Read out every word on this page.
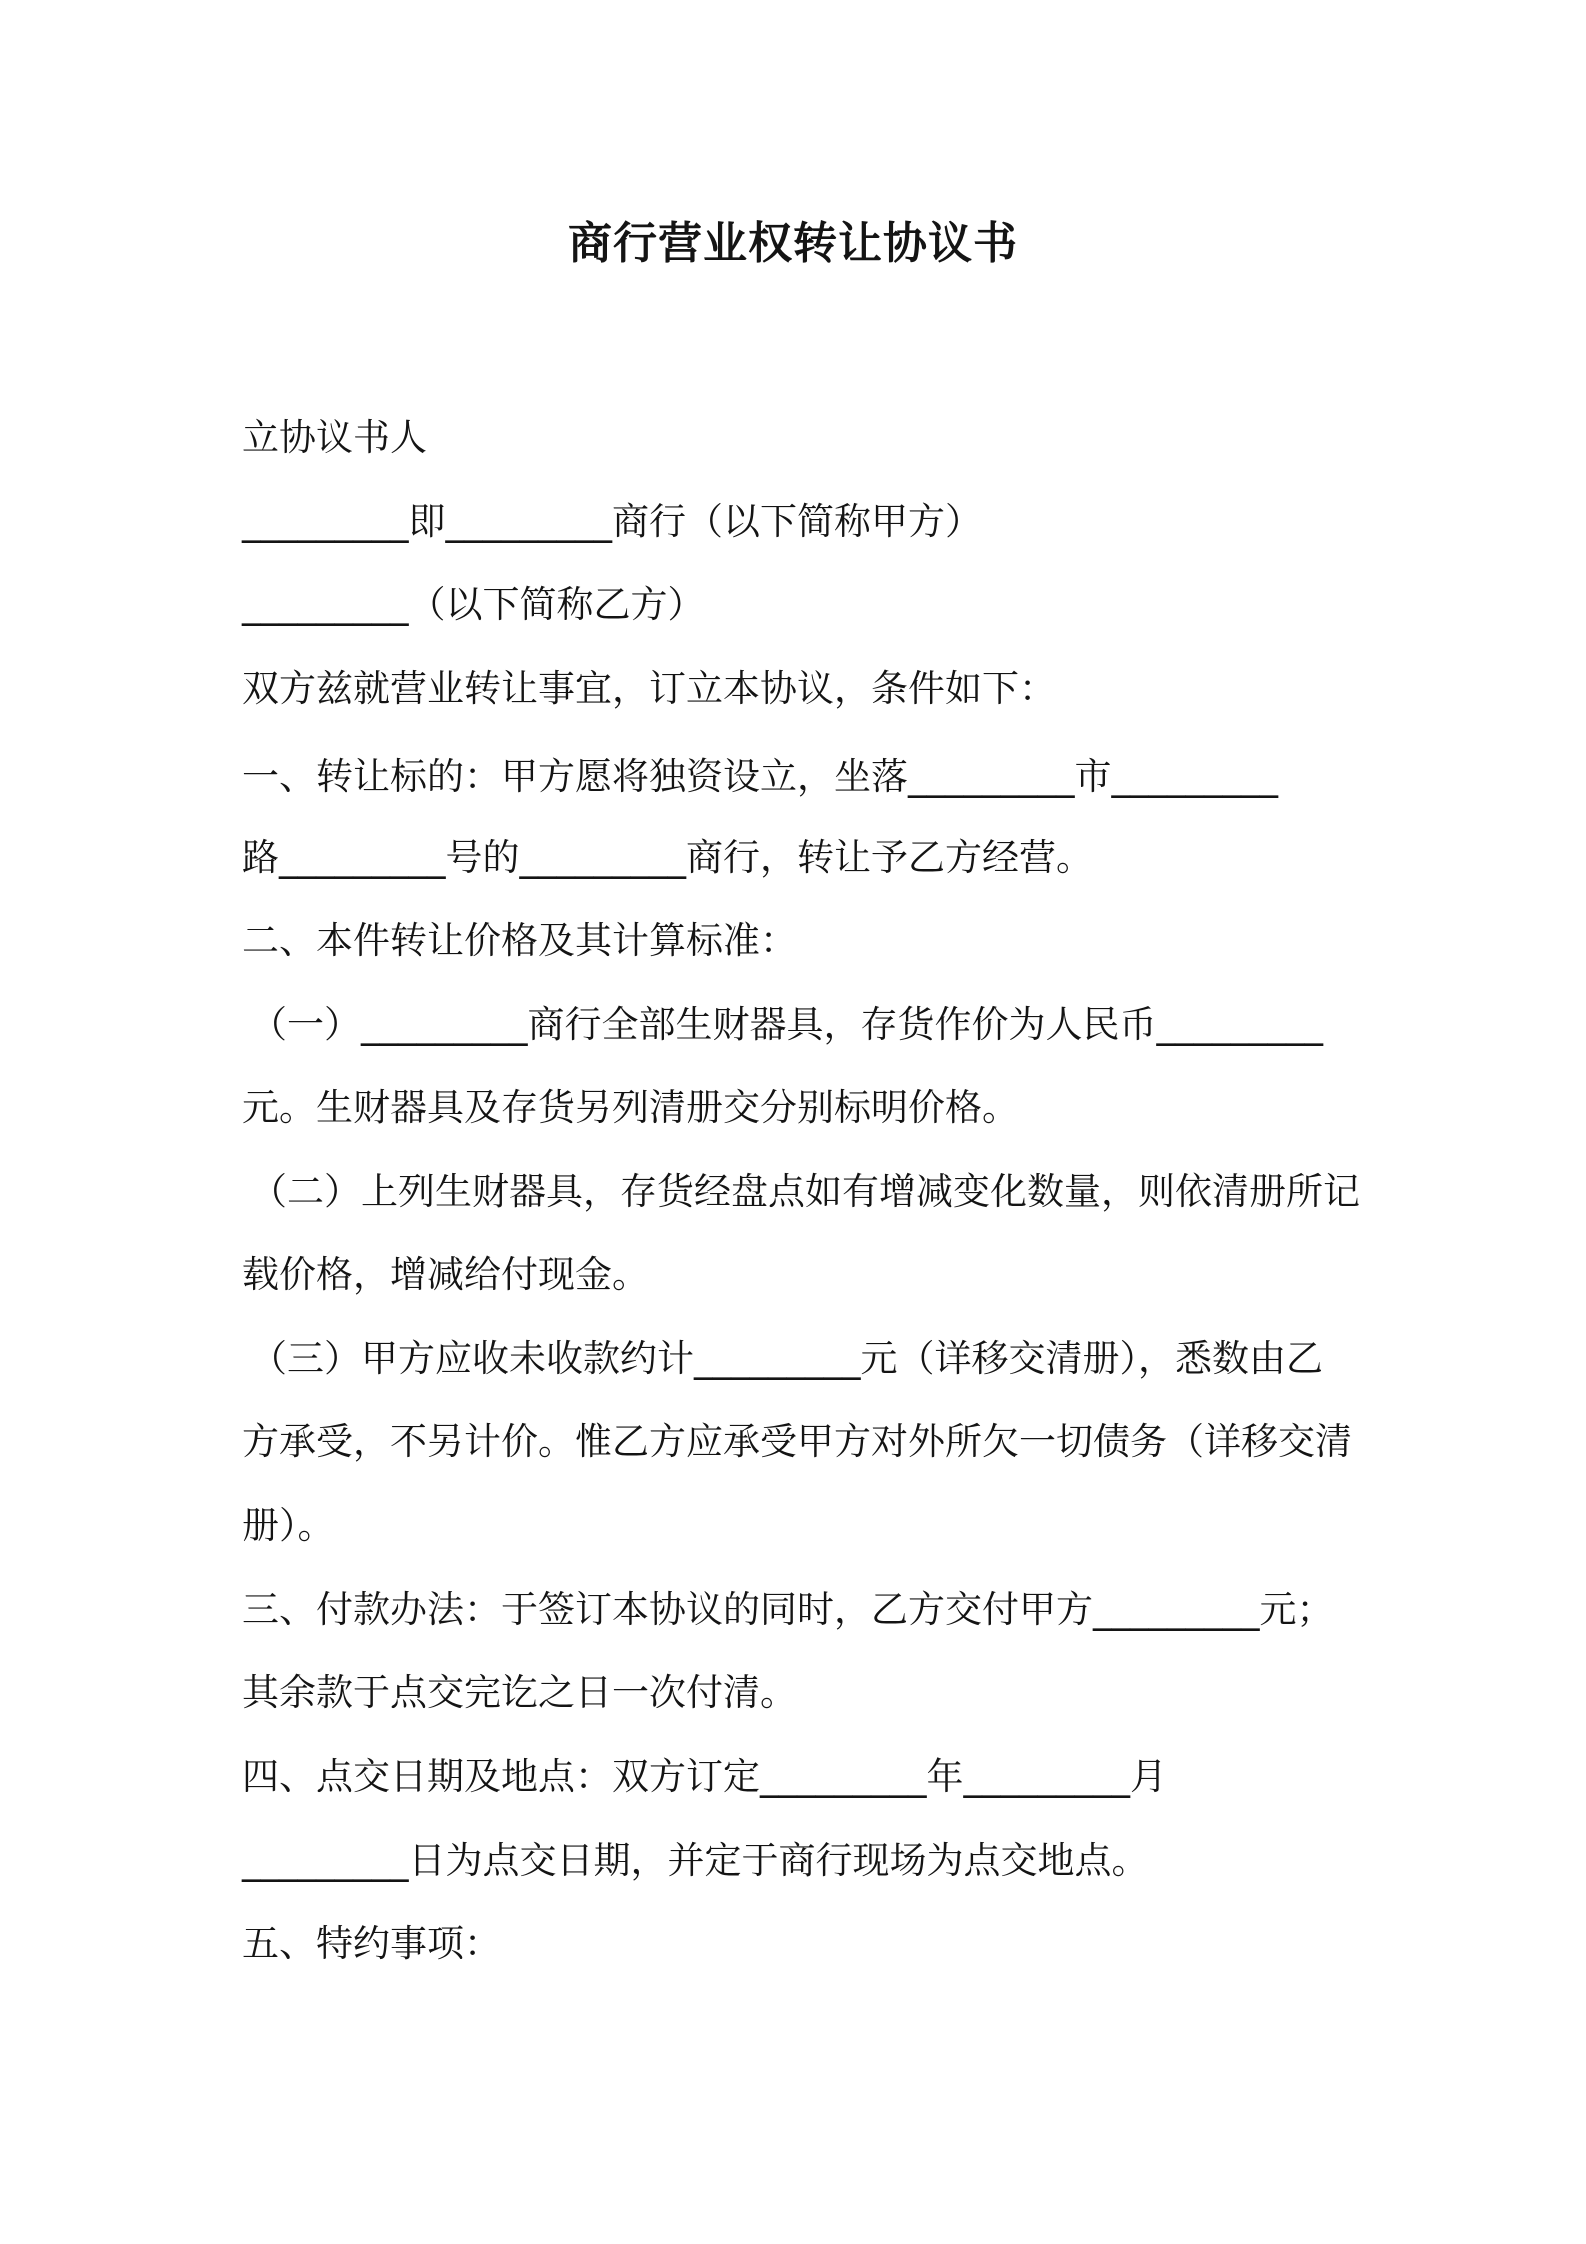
商行营业权转让协议书
立协议书人
_________即_________商行（以下简称甲方）
_________（以下简称乙方）
双方兹就营业转让事宜，订立本协议，条件如下：
一、转让标的：甲方愿将独资设立，坐落_________市_________
路_________号的_________商行，转让予乙方经营。
二、本件转让价格及其计算标准：
（一）_________商行全部生财器具，存货作价为人民币_________
元。生财器具及存货另列清册交分别标明价格。
（二）上列生财器具，存货经盘点如有增减变化数量，则依清册所记
载价格，增减给付现金。
（三）甲方应收未收款约计_________元（详移交清册），悉数由乙
方承受，不另计价。惟乙方应承受甲方对外所欠一切债务（详移交清
册）。
三、付款办法：于签订本协议的同时，乙方交付甲方_________元；
其余款于点交完讫之日一次付清。
四、点交日期及地点：双方订定_________年_________月
_________日为点交日期，并定于商行现场为点交地点。
五、特约事项：
